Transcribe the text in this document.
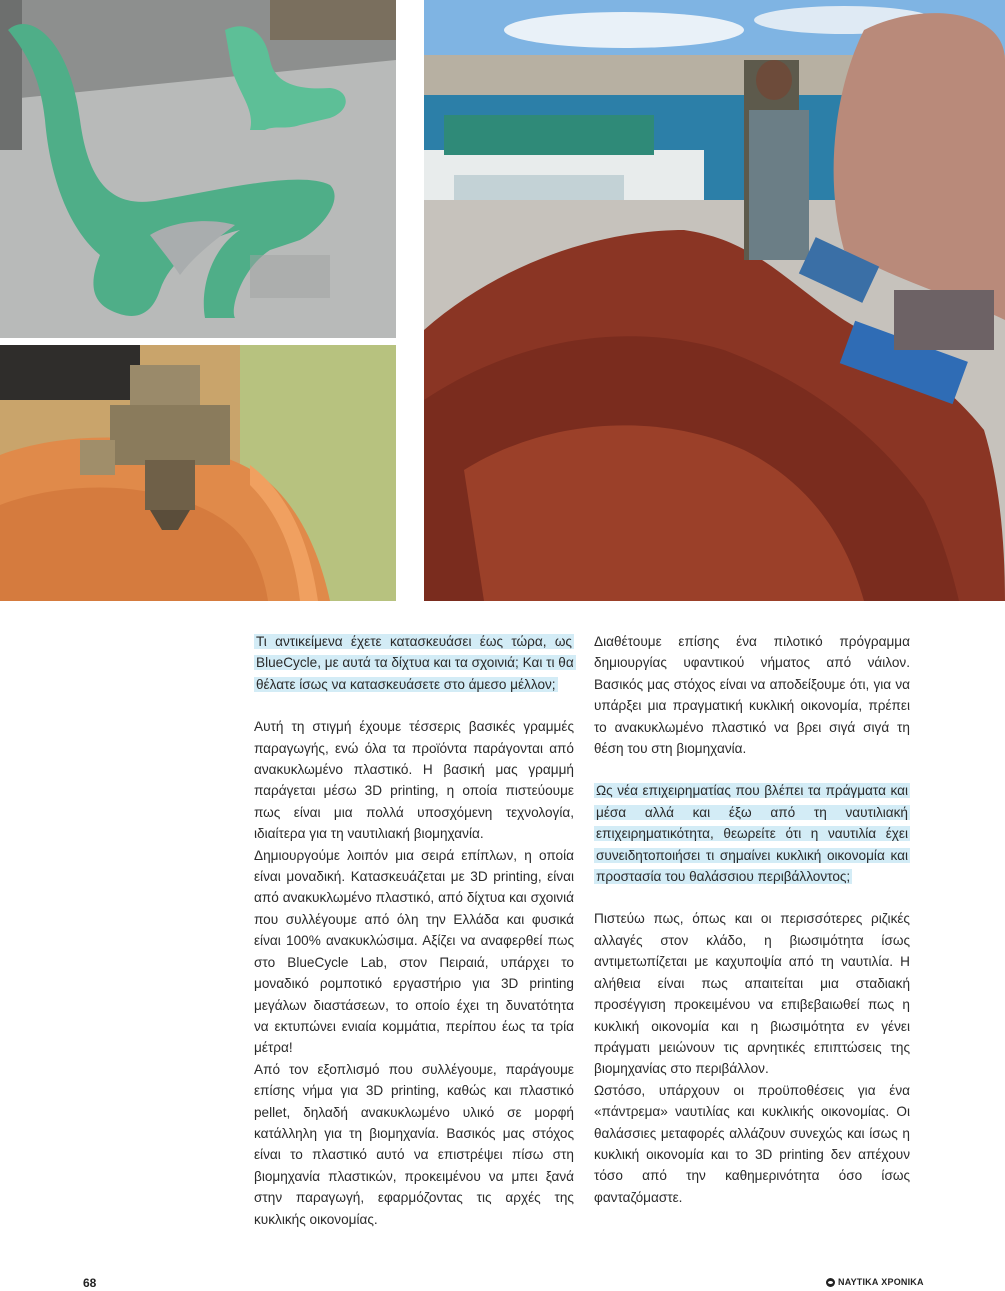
Τι αντικείμενα έχετε κατασκευάσει έως τώρα, ως BlueCycle, με αυτά τα δίχτυα και τα σχοινιά; Και τι θα θέλατε ίσως να κατασκευάσετε στο άμεσο μέλλον;

Αυτή τη στιγμή έχουμε τέσσερις βασικές γραμμές παραγωγής, ενώ όλα τα προϊόντα παράγονται από ανακυκλωμένο πλαστικό. Η βασική μας γραμμή παράγεται μέσω 3D printing, η οποία πιστεύουμε πως είναι μια πολλά υποσχόμενη τεχνολογία, ιδιαίτερα για τη ναυτιλιακή βιομηχανία.

Δημιουργούμε λοιπόν μια σειρά επίπλων, η οποία είναι μοναδική. Κατασκευάζεται με 3D printing, είναι από ανακυκλωμένο πλαστικό, από δίχτυα και σχοινιά που συλλέγουμε από όλη την Ελλάδα και φυσικά είναι 100% ανακυκλώσιμα. Αξίζει να αναφερθεί πως στο BlueCycle Lab, στον Πειραιά, υπάρχει το μοναδικό ρομποτικό εργαστήριο για 3D printing μεγάλων διαστάσεων, το οποίο έχει τη δυνατότητα να εκτυπώνει ενιαία κομμάτια, περίπου έως τα τρία μέτρα!

Από τον εξοπλισμό που συλλέγουμε, παράγουμε επίσης νήμα για 3D printing, καθώς και πλαστικό pellet, δηλαδή ανακυκλωμένο υλικό σε μορφή κατάλληλη για τη βιομηχανία. Βασικός μας στόχος είναι το πλαστικό αυτό να επιστρέψει πίσω στη βιομηχανία πλαστικών, προκειμένου να μπει ξανά στην παραγωγή, εφαρμόζοντας τις αρχές της κυκλικής οικονομίας.

Διαθέτουμε επίσης ένα πιλοτικό πρόγραμμα δημιουργίας υφαντικού νήματος από νάιλον. Βασικός μας στόχος είναι να αποδείξουμε ότι, για να υπάρξει μια πραγματική κυκλική οικονομία, πρέπει το ανακυκλωμένο πλαστικό να βρει σιγά σιγά τη θέση του στη βιομηχανία.

Ως νέα επιχειρηματίας που βλέπει τα πράγματα και μέσα αλλά και έξω από τη ναυτιλιακή επιχειρηματικότητα, θεωρείτε ότι η ναυτιλία έχει συνειδητοποιήσει τι σημαίνει κυκλική οικονομία και προστασία του θαλάσσιου περιβάλλοντος;

Πιστεύω πως, όπως και οι περισσότερες ριζικές αλλαγές στον κλάδο, η βιωσιμότητα ίσως αντιμετωπίζεται με καχυποψία από τη ναυτιλία. Η αλήθεια είναι πως απαιτείται μια σταδιακή προσέγγιση προκειμένου να επιβεβαιωθεί πως η κυκλική οικονομία και η βιωσιμότητα εν γένει πράγματι μειώνουν τις αρνητικές επιπτώσεις της βιομηχανίας στο περιβάλλον.

Ωστόσο, υπάρχουν οι προϋποθέσεις για ένα «πάντρεμα» ναυτιλίας και κυκλικής οικονομίας. Οι θαλάσσιες μεταφορές αλλάζουν συνεχώς και ίσως η κυκλική οικονομία και το 3D printing δεν απέχουν τόσο από την καθημερινότητα όσο ίσως φανταζόμαστε.

68	ΝΑΥΤΙΚΑ ΧΡΟΝΙΚΑ
